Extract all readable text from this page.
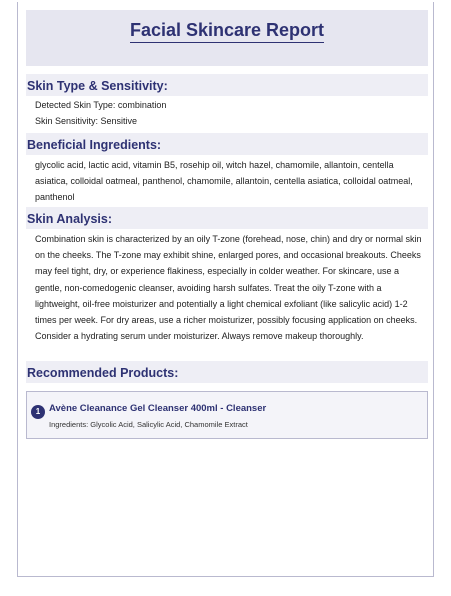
Facial Skincare Report
Skin Type & Sensitivity:
Detected Skin Type: combination
Skin Sensitivity: Sensitive
Beneficial Ingredients:
glycolic acid, lactic acid, vitamin B5, rosehip oil, witch hazel, chamomile, allantoin, centella asiatica, colloidal oatmeal, panthenol, chamomile, allantoin, centella asiatica, colloidal oatmeal, panthenol
Skin Analysis:
Combination skin is characterized by an oily T-zone (forehead, nose, chin) and dry or normal skin on the cheeks. The T-zone may exhibit shine, enlarged pores, and occasional breakouts. Cheeks may feel tight, dry, or experience flakiness, especially in colder weather. For skincare, use a gentle, non-comedogenic cleanser, avoiding harsh sulfates. Treat the oily T-zone with a lightweight, oil-free moisturizer and potentially a light chemical exfoliant (like salicylic acid) 1-2 times per week. For dry areas, use a richer moisturizer, possibly focusing application on cheeks. Consider a hydrating serum under moisturizer. Always remove makeup thoroughly.
Recommended Products:
1 Avène Cleanance Gel Cleanser 400ml - Cleanser
Ingredients: Glycolic Acid, Salicylic Acid, Chamomile Extract
